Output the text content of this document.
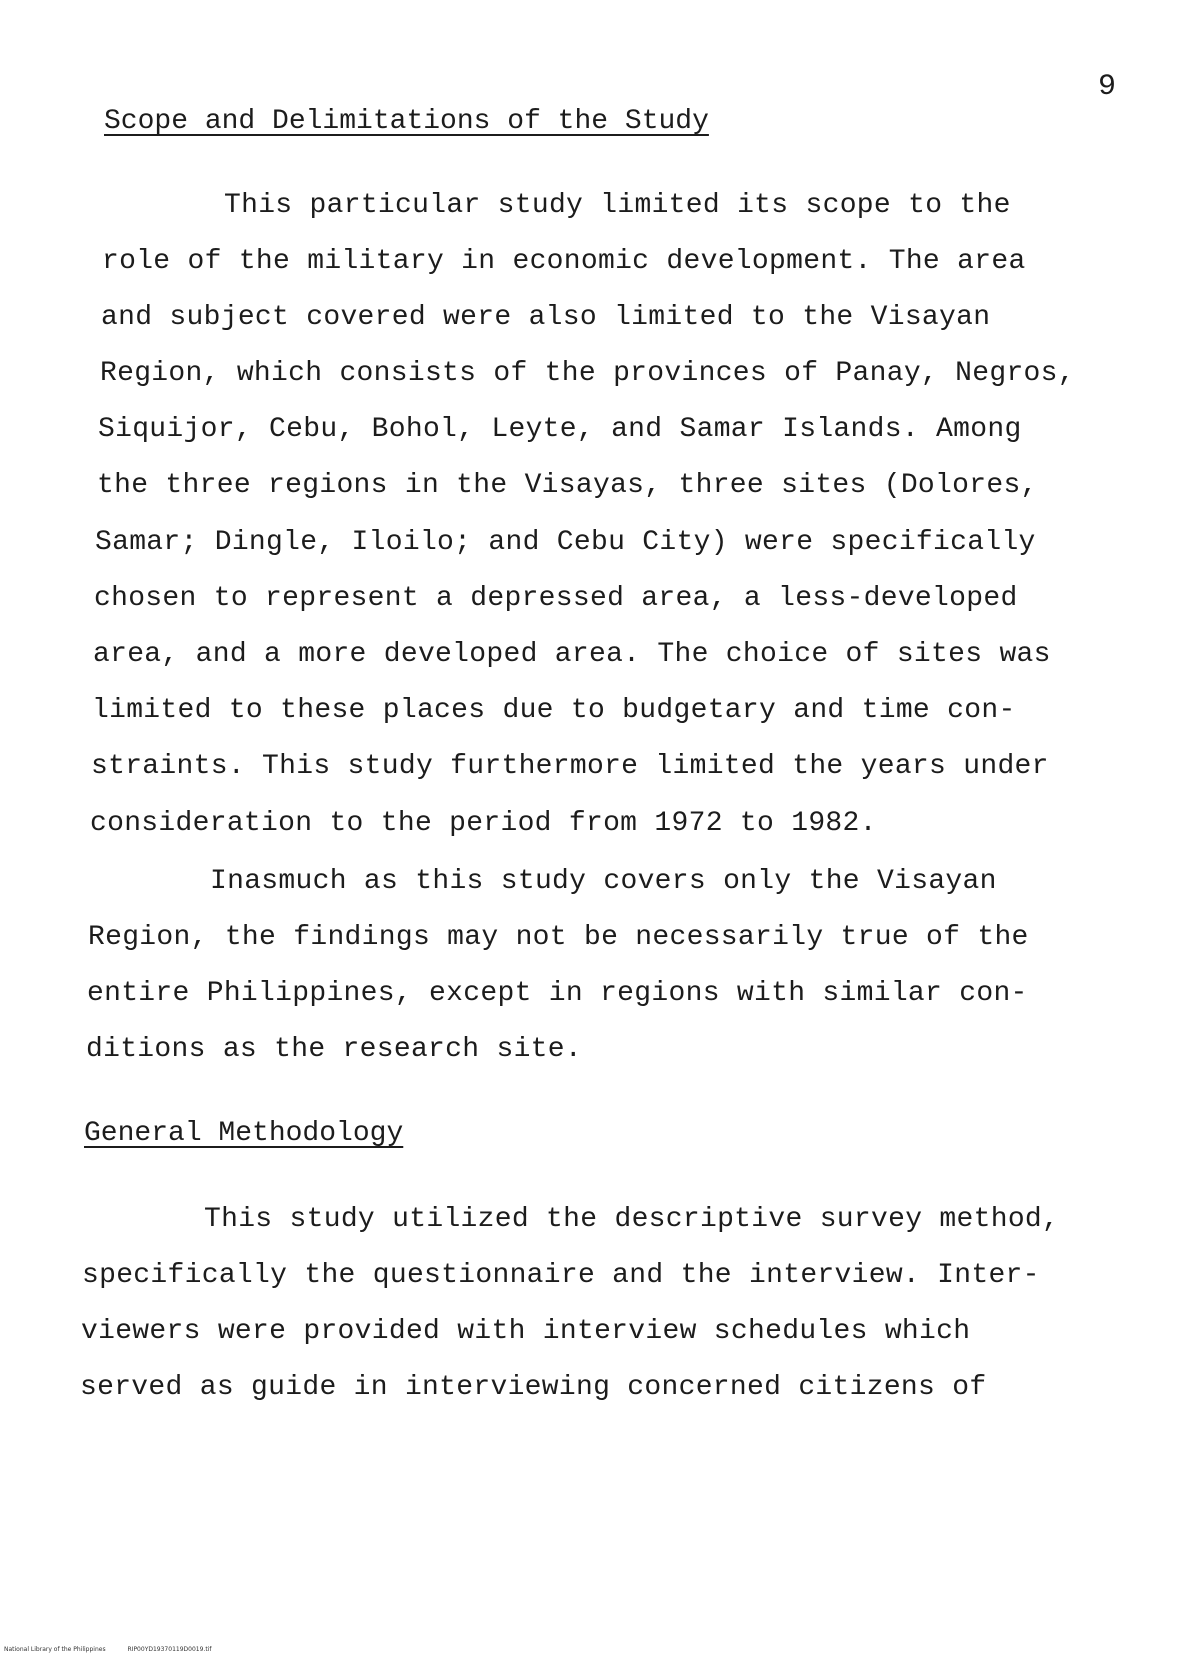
9
Scope and Delimitations of the Study
This particular study limited its scope to the
role of the military in economic development. The area
and subject covered were also limited to the Visayan
Region, which consists of the provinces of Panay, Negros,
Siquijor, Cebu, Bohol, Leyte, and Samar Islands. Among
the three regions in the Visayas, three sites (Dolores,
Samar; Dingle, Iloilo; and Cebu City) were specifically
chosen to represent a depressed area, a less-developed
area, and a more developed area. The choice of sites was
limited to these places due to budgetary and time con-
straints. This study furthermore limited the years under
consideration to the period from 1972 to 1982.
Inasmuch as this study covers only the Visayan
Region, the findings may not be necessarily true of the
entire Philippines, except in regions with similar con-
ditions as the research site.
General Methodology
This study utilized the descriptive survey method,
specifically the questionnaire and the interview. Inter-
viewers were provided with interview schedules which
served as guide in interviewing concerned citizens of
National Library of the Philippines	RIP00YD19370119D0019.tif
